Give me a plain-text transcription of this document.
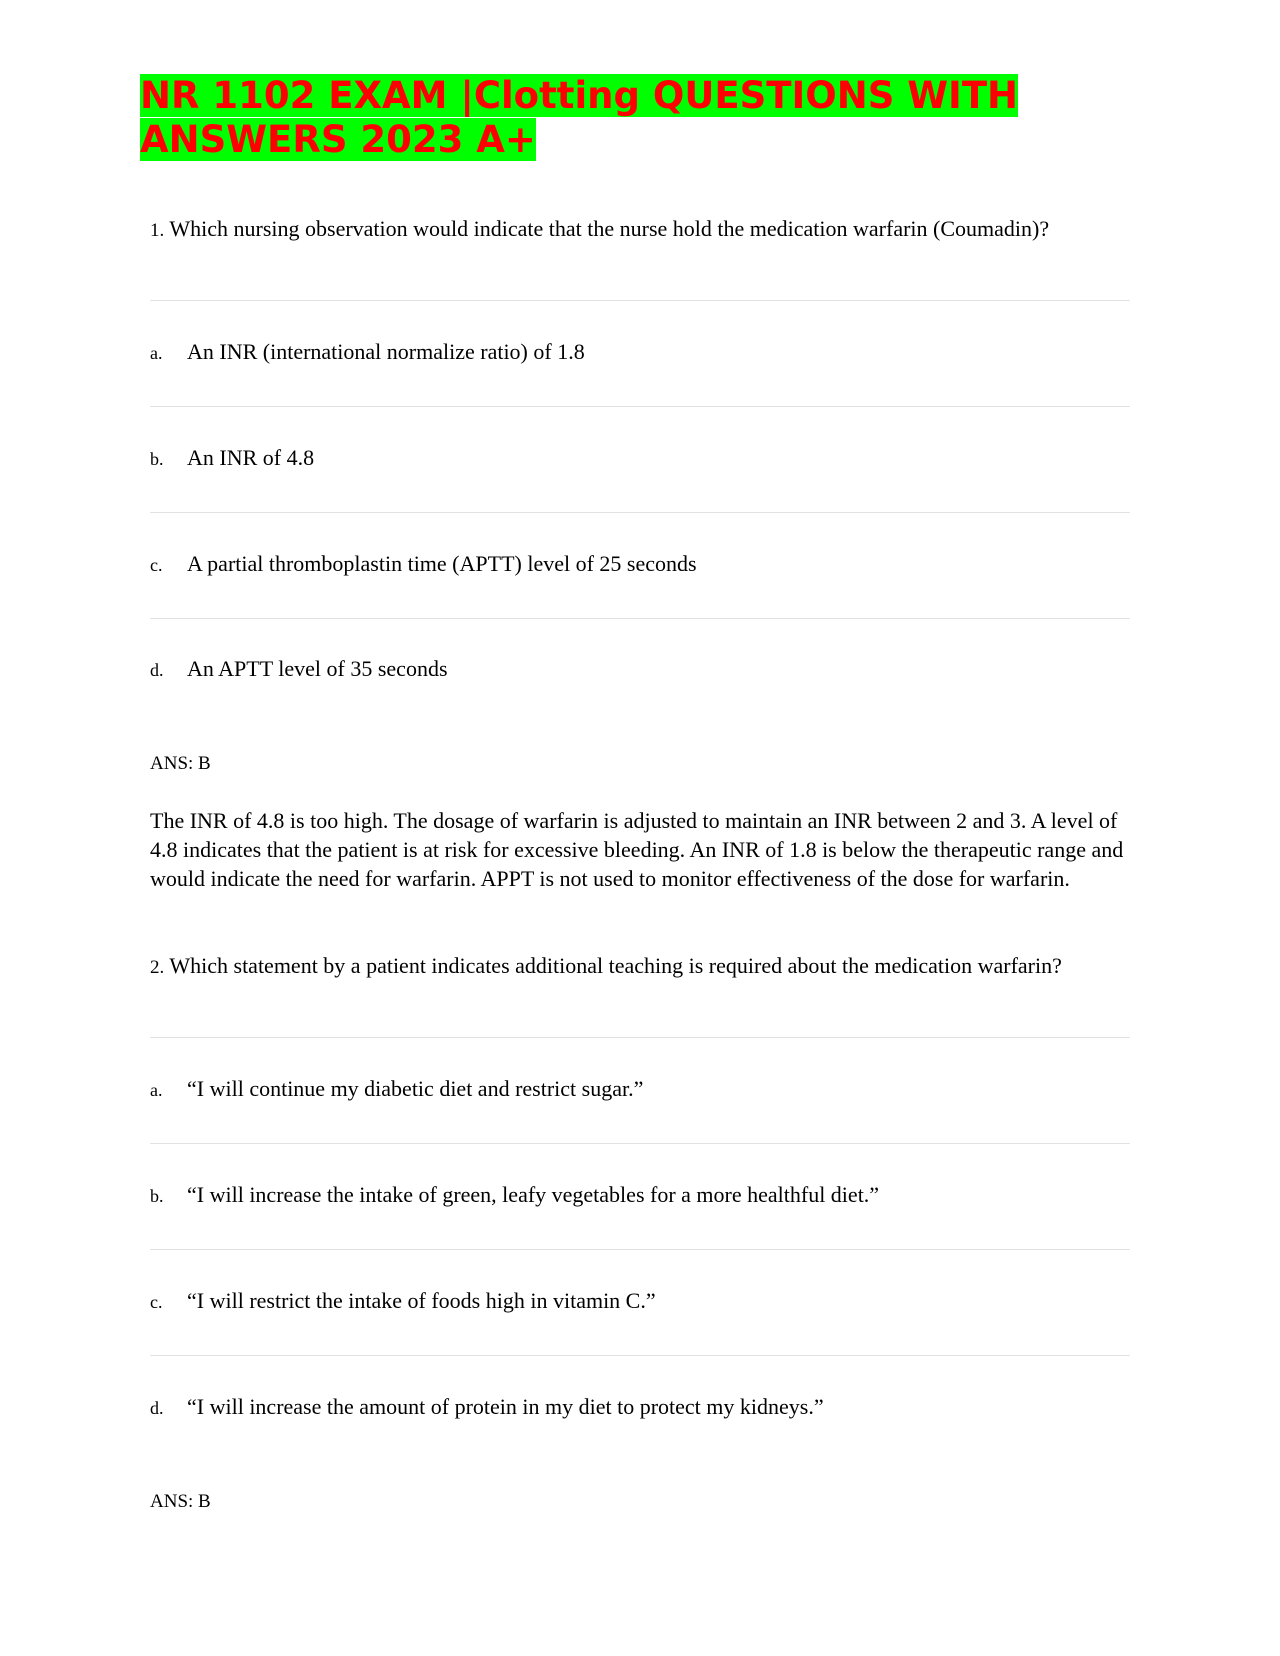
NR 1102 EXAM |Clotting QUESTIONS WITH ANSWERS 2023 A+

1. Which nursing observation would indicate that the nurse hold the medication warfarin (Coumadin)?

a. An INR (international normalize ratio) of 1.8
b. An INR of 4.8
c. A partial thromboplastin time (APTT) level of 25 seconds
d. An APTT level of 35 seconds
ANS: B

The INR of 4.8 is too high. The dosage of warfarin is adjusted to maintain an INR between 2 and 3. A level of 4.8 indicates that the patient is at risk for excessive bleeding. An INR of 1.8 is below the therapeutic range and would indicate the need for warfarin. APPT is not used to monitor effectiveness of the dose for warfarin.

2. Which statement by a patient indicates additional teaching is required about the medication warfarin?

a. “I will continue my diabetic diet and restrict sugar.”
b. “I will increase the intake of green, leafy vegetables for a more healthful diet.”
c. “I will restrict the intake of foods high in vitamin C.”
d. “I will increase the amount of protein in my diet to protect my kidneys.”
ANS: B
